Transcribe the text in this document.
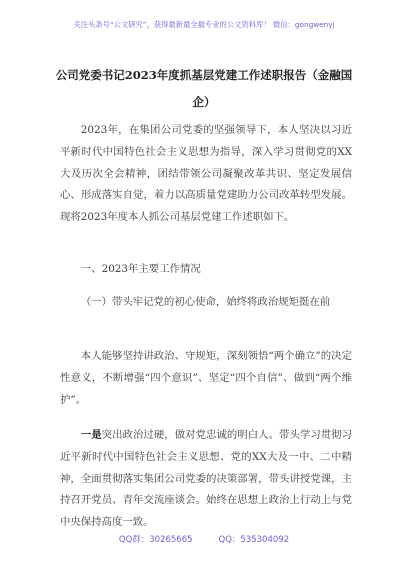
关注头条号“公文研究”，获得最新最全最专业的公文资料库！ 微信：gongwenyj
公司党委书记2023年度抓基层党建工作述职报告（金融国企）
2023年，在集团公司党委的坚强领导下，本人坚决以习近平新时代中国特色社会主义思想为指导，深入学习贯彻党的XX大及历次全会精神，团结带领公司凝聚改革共识、坚定发展信心、形成落实自觉，着力以高质量党建助力公司改革转型发展。现将2023年度本人抓公司基层党建工作述职如下。
一、2023年主要工作情况
（一）带头牢记党的初心使命，始终将政治规矩挺在前
本人能够坚持讲政治、守规矩，深刻领悟“两个确立”的决定性意义，不断增强“四个意识”、坚定“四个自信”、做到“两个维护”。
一是突出政治过硬，做对党忠诚的明白人。带头学习贯彻习近平新时代中国特色社会主义思想、党的XX大及一中、二中精神，全面贯彻落实集团公司党委的决策部署，带头讲授党课，主持召开党员、青年交流座谈会。始终在思想上政治上行动上与党中央保持高度一致。
QQ群：30265665	QQ：535304092
